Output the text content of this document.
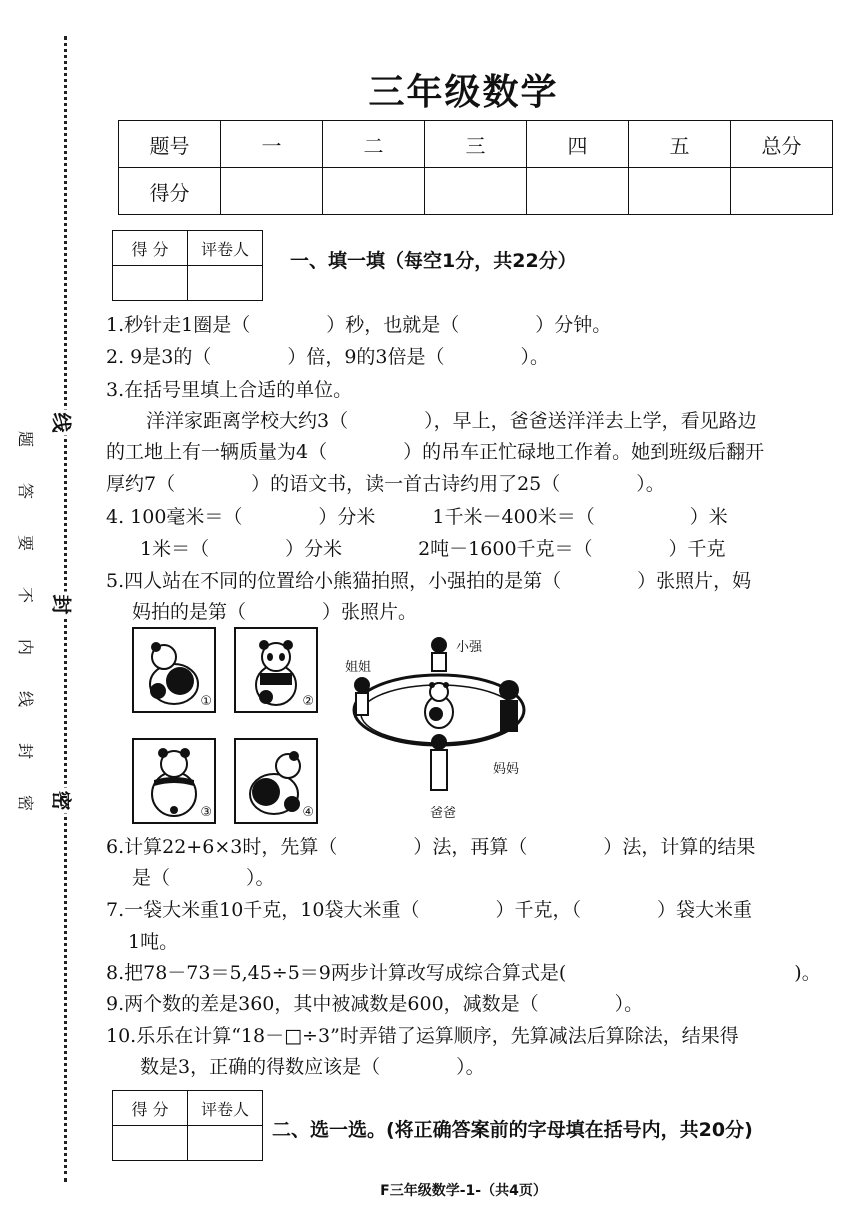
题

答

要

不

内

线

封

密
线
封
密
三年级数学
题号	一	二	三	四	五	总分
得分						
得 分	评卷人

一、填一填（每空1分，共22分）
1.秒针走1圈是（　　　　）秒，也就是（　　　　）分钟。
2. 9是3的（　　　　）倍，9的3倍是（　　　　）。
3.在括号里填上合适的单位。
洋洋家距离学校大约3（　　　　），早上，爸爸送洋洋去上学，看见路边
的工地上有一辆质量为4（　　　　）的吊车正忙碌地工作着。她到班级后翻开
厚约7（　　　　）的语文书，读一首古诗约用了25（　　　　）。
4. 100毫米＝（　　　　）分米　　　1千米－400米＝（　　　　　）米
1米＝（　　　　）分米　　　　2吨－1600千克＝（　　　　）千克
5.四人站在不同的位置给小熊猫拍照，小强拍的是第（　　　　）张照片，妈
妈拍的是第（　　　　）张照片。
①	②
③	④
小强
姐姐
妈妈
爸爸
6.计算22+6×3时，先算（　　　　）法，再算（　　　　）法，计算的结果
是（　　　　）。
7.一袋大米重10千克，10袋大米重（　　　　）千克，（　　　　）袋大米重
1吨。
8.把78－73＝5,45÷5＝9两步计算改写成综合算式是(　　　　　　　　　　　　)。
9.两个数的差是360，其中被减数是600，减数是（　　　　）。
10.乐乐在计算“18－□÷3”时弄错了运算顺序，先算减法后算除法，结果得
数是3，正确的得数应该是（　　　　）。
得 分	评卷人

二、选一选。(将正确答案前的字母填在括号内，共20分)
F三年级数学-1-（共4页）
